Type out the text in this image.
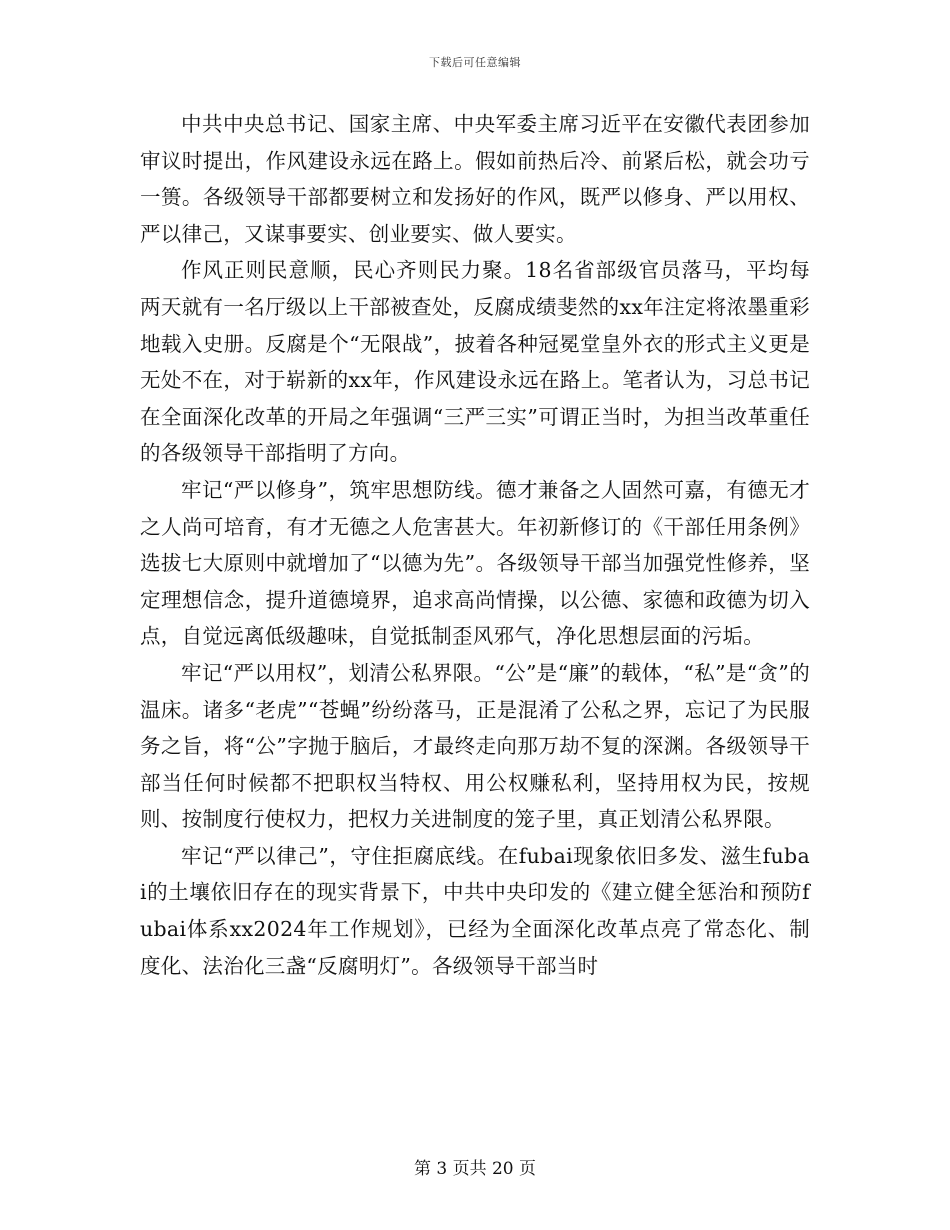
下载后可任意编辑

中共中央总书记、国家主席、中央军委主席习近平在安徽代表团参加审议时提出，作风建设永远在路上。假如前热后冷、前紧后松，就会功亏一篑。各级领导干部都要树立和发扬好的作风，既严以修身、严以用权、严以律己，又谋事要实、创业要实、做人要实。

作风正则民意顺，民心齐则民力聚。18名省部级官员落马，平均每两天就有一名厅级以上干部被查处，反腐成绩斐然的xx年注定将浓墨重彩地载入史册。反腐是个“无限战”，披着各种冠冕堂皇外衣的形式主义更是无处不在，对于崭新的xx年，作风建设永远在路上。笔者认为，习总书记在全面深化改革的开局之年强调“三严三实”可谓正当时，为担当改革重任的各级领导干部指明了方向。

牢记“严以修身”，筑牢思想防线。德才兼备之人固然可嘉，有德无才之人尚可培育，有才无德之人危害甚大。年初新修订的《干部任用条例》选拔七大原则中就增加了“以德为先”。各级领导干部当加强党性修养，坚定理想信念，提升道德境界，追求高尚情操，以公德、家德和政德为切入点，自觉远离低级趣味，自觉抵制歪风邪气，净化思想层面的污垢。

牢记“严以用权”，划清公私界限。“公”是“廉”的载体，“私”是“贪”的温床。诸多“老虎”“苍蝇”纷纷落马，正是混淆了公私之界，忘记了为民服务之旨，将“公”字抛于脑后，才最终走向那万劫不复的深渊。各级领导干部当任何时候都不把职权当特权、用公权赚私利，坚持用权为民，按规则、按制度行使权力，把权力关进制度的笼子里，真正划清公私界限。

牢记“严以律己”，守住拒腐底线。在fubai现象依旧多发、滋生fubai的土壤依旧存在的现实背景下，中共中央印发的《建立健全惩治和预防fubai体系xx2024年工作规划》，已经为全面深化改革点亮了常态化、制度化、法治化三盏“反腐明灯”。各级领导干部当时

第 3 页共 20 页
